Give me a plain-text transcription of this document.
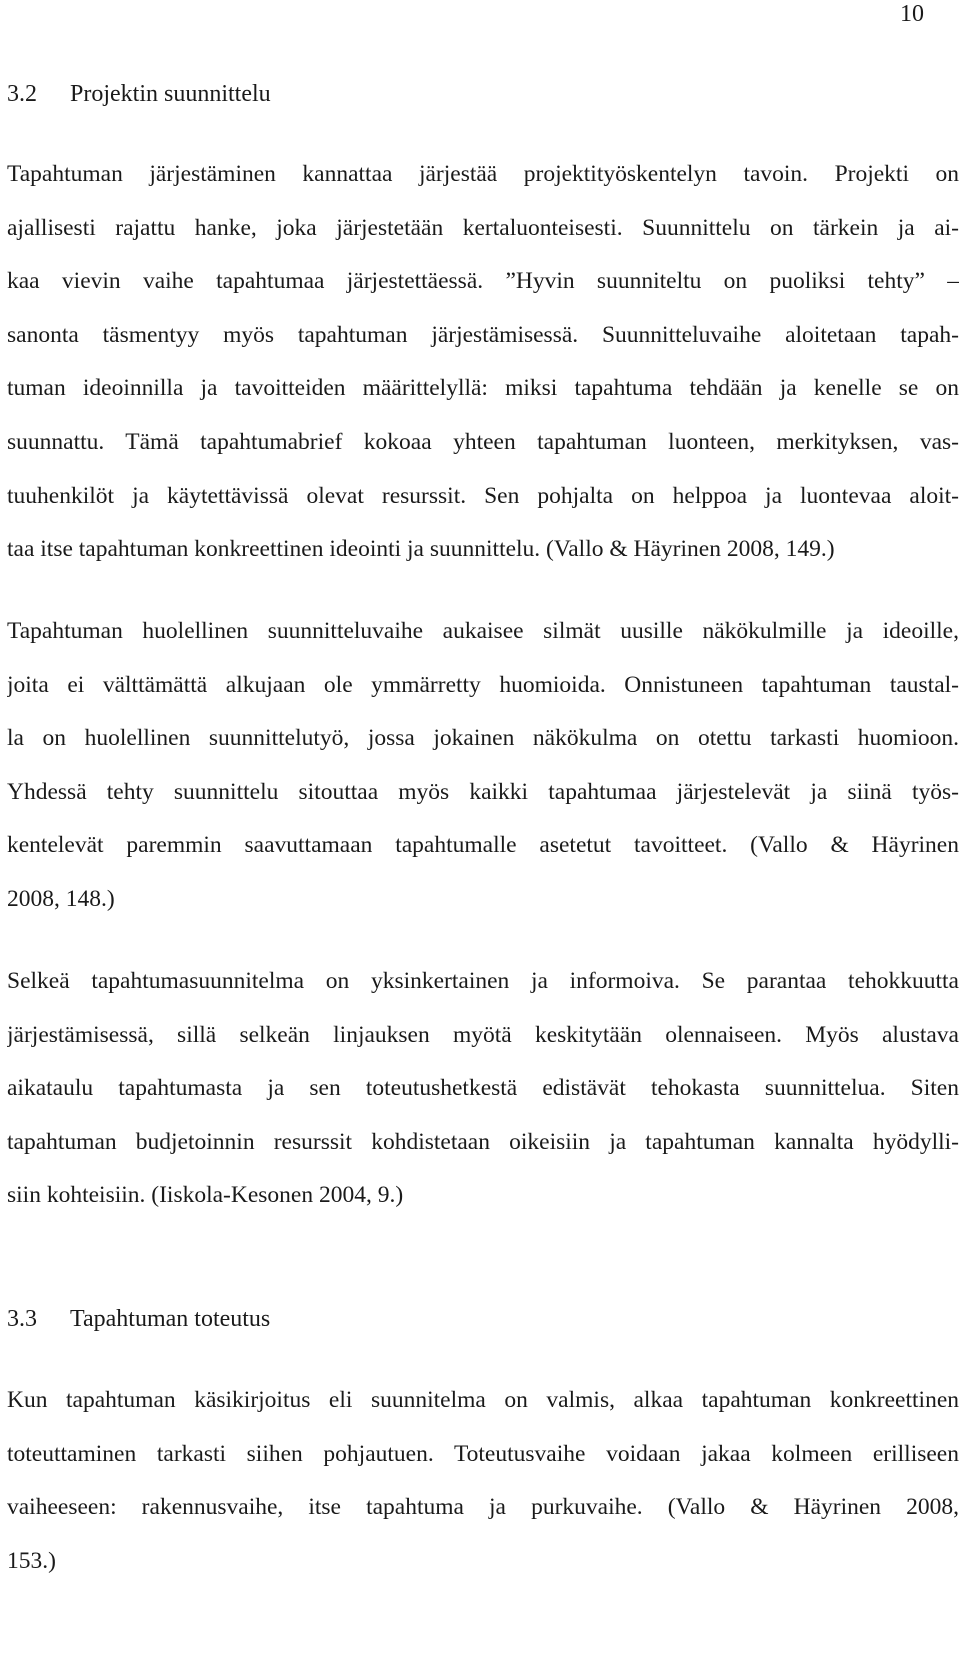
10
3.2 Projektin suunnittelu
Tapahtuman järjestäminen kannattaa järjestää projektityöskentelyn tavoin. Projekti on
ajallisesti rajattu hanke, joka järjestetään kertaluonteisesti. Suunnittelu on tärkein ja ai-
kaa vievin vaihe tapahtumaa järjestettäessä. ”Hyvin suunniteltu on puoliksi tehty” –
sanonta täsmentyy myös tapahtuman järjestämisessä. Suunnitteluvaihe aloitetaan tapah-
tuman ideoinnilla ja tavoitteiden määrittelyllä: miksi tapahtuma tehdään ja kenelle se on
suunnattu. Tämä tapahtumabrief kokoaa yhteen tapahtuman luonteen, merkityksen, vas-
tuuhenkilöt ja käytettävissä olevat resurssit. Sen pohjalta on helppoa ja luontevaa aloit-
taa itse tapahtuman konkreettinen ideointi ja suunnittelu. (Vallo & Häyrinen 2008, 149.)
Tapahtuman huolellinen suunnitteluvaihe aukaisee silmät uusille näkökulmille ja ideoille,
joita ei välttämättä alkujaan ole ymmärretty huomioida. Onnistuneen tapahtuman taustal-
la on huolellinen suunnittelutyö, jossa jokainen näkökulma on otettu tarkasti huomioon.
Yhdessä tehty suunnittelu sitouttaa myös kaikki tapahtumaa järjestelevät ja siinä työs-
kentelevät paremmin saavuttamaan tapahtumalle asetetut tavoitteet. (Vallo & Häyrinen
2008, 148.)
Selkeä tapahtumasuunnitelma on yksinkertainen ja informoiva. Se parantaa tehokkuutta
järjestämisessä, sillä selkeän linjauksen myötä keskitytään olennaiseen. Myös alustava
aikataulu tapahtumasta ja sen toteutushetkestä edistävät tehokasta suunnittelua. Siten
tapahtuman budjetoinnin resurssit kohdistetaan oikeisiin ja tapahtuman kannalta hyödylli-
siin kohteisiin. (Iiskola-Kesonen 2004, 9.)
3.3 Tapahtuman toteutus
Kun tapahtuman käsikirjoitus eli suunnitelma on valmis, alkaa tapahtuman konkreettinen
toteuttaminen tarkasti siihen pohjautuen. Toteutusvaihe voidaan jakaa kolmeen erilliseen
vaiheeseen: rakennusvaihe, itse tapahtuma ja purkuvaihe. (Vallo & Häyrinen 2008,
153.)
